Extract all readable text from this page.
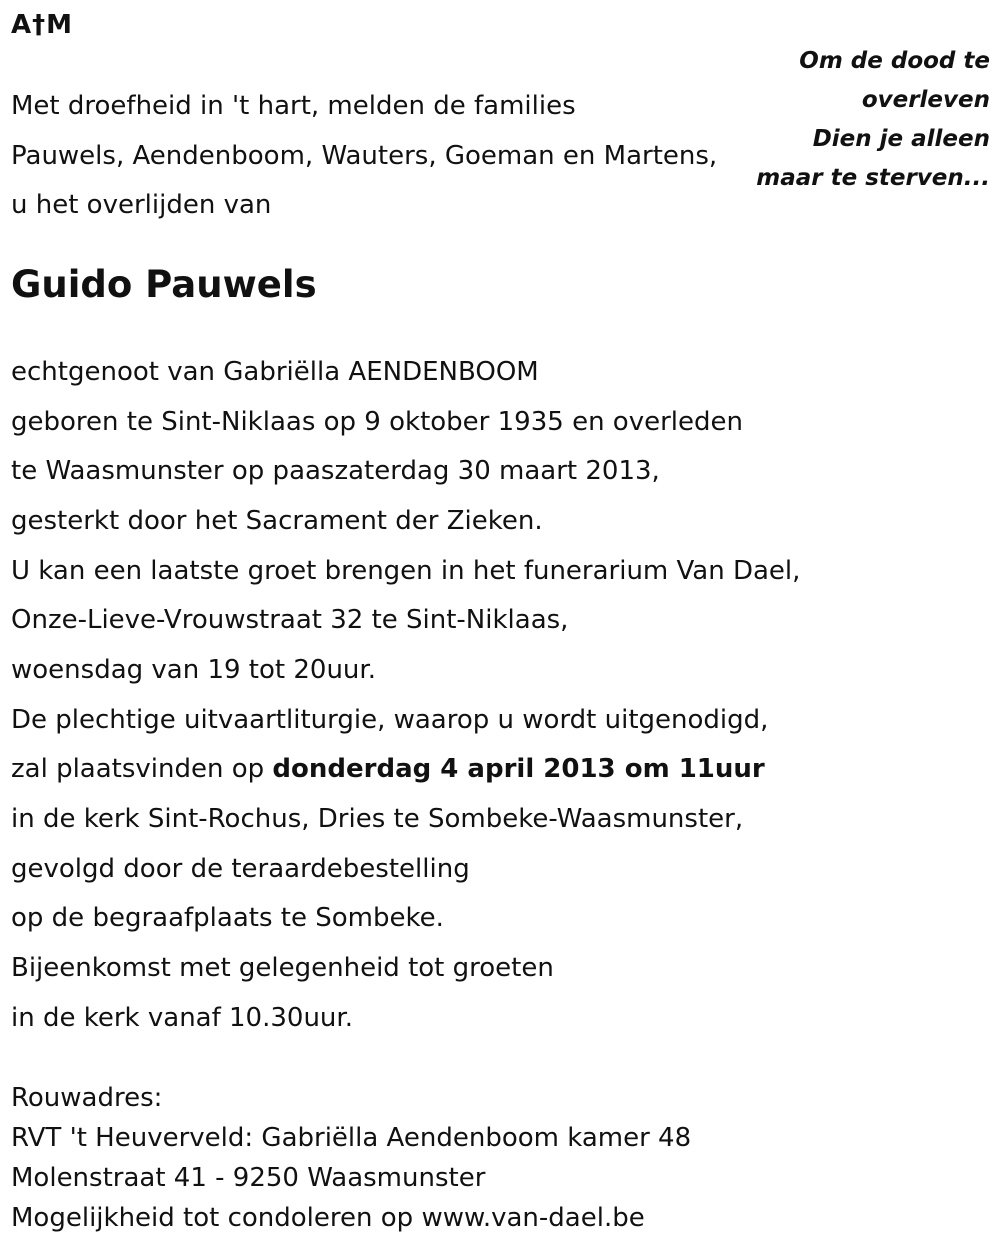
A†M
Om de dood te
overleven
Dien je alleen
maar te sterven...
Met droefheid in 't hart, melden de families
Pauwels, Aendenboom, Wauters, Goeman en Martens,
u het overlijden van
Guido Pauwels
echtgenoot van Gabriëlla AENDENBOOM
geboren te Sint-Niklaas op 9 oktober 1935 en overleden
te Waasmunster op paaszaterdag 30 maart 2013,
gesterkt door het Sacrament der Zieken.
U kan een laatste groet brengen in het funerarium Van Dael,
Onze-Lieve-Vrouwstraat 32 te Sint-Niklaas,
woensdag van 19 tot 20uur.
De plechtige uitvaartliturgie, waarop u wordt uitgenodigd,
zal plaatsvinden op donderdag 4 april 2013 om 11uur
in de kerk Sint-Rochus, Dries te Sombeke-Waasmunster,
gevolgd door de teraardebestelling
op de begraafplaats te Sombeke.
Bijeenkomst met gelegenheid tot groeten
in de kerk vanaf 10.30uur.
Rouwadres:
RVT 't Heuverveld: Gabriëlla Aendenboom kamer 48
Molenstraat 41 - 9250 Waasmunster
Mogelijkheid tot condoleren op www.van-dael.be
